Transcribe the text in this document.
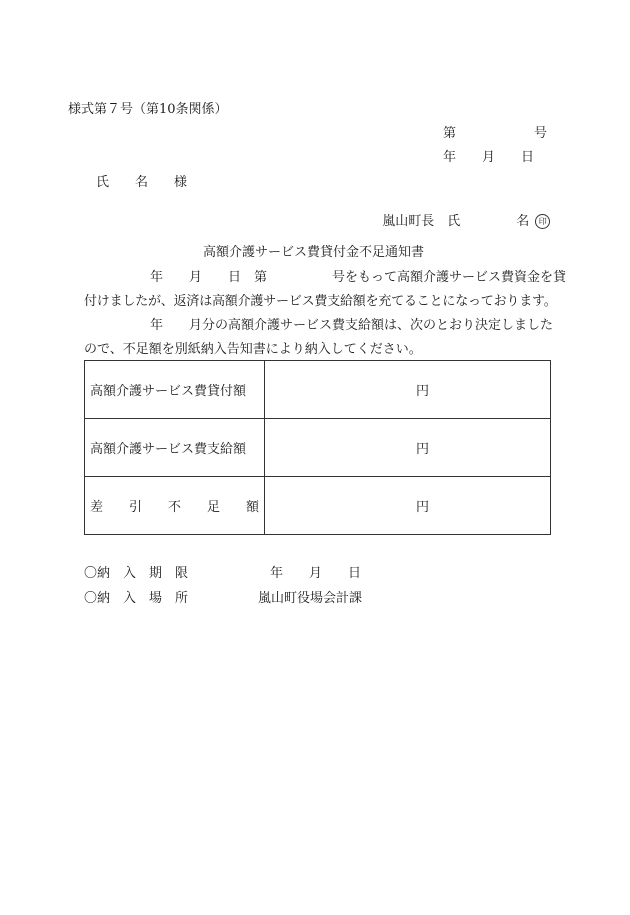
様式第７号（第10条関係）
第　　　　　　号
年　　月　　日
氏　　名　　様

嵐山町長　氏	名 印

高額介護サービス費貸付金不足通知書
年　　月　　日　第　　　　　号をもって高額介護サービス費資金を貸
付けましたが、返済は高額介護サービス費支給額を充てることになっております。
年　　月分の高額介護サービス費支給額は、次のとおり決定しました
ので、不足額を別紙納入告知書により納入してください。
高額介護サービス費貸付額	円
高額介護サービス費支給額	円
差　　引　　不　　足　　額	円
〇納　入　期　限	年　　月　　日
〇納　入　場　所	嵐山町役場会計課
